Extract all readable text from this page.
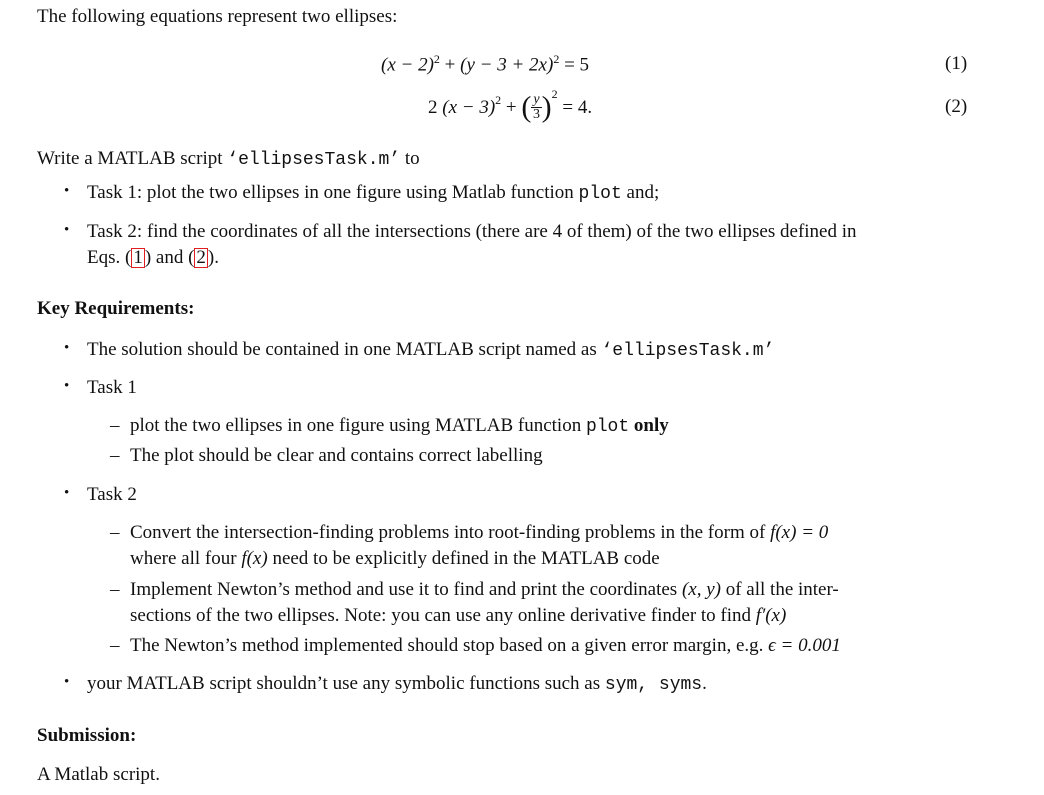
The following equations represent two ellipses:
$(x - 2)^2 + (y - 3 + 2x)^2 = 5$	(1)
2 $(x - 3)^2$ + ( $\frac{y}{3} )^2 = 4$.	(2)
Write a MATLAB script ‘ellipsesTask.m’ to
• Task 1: plot the two ellipses in one figure using Matlab function plot and;
• Task 2: find the coordinates of all the intersections (there are 4 of them) of the two ellipses defined in
Eqs. ( 1 ) and ( 2 ).
Key Requirements:
• The solution should be contained in one MATLAB script named as ‘ellipsesTask.m’
• Task 1
– plot the two ellipses in one figure using MATLAB function plot only
– The plot should be clear and contains correct labelling
• Task 2
– Convert the intersection-finding problems into root-finding problems in the form of f(x) = 0
where all four f(x) need to be explicitly defined in the MATLAB code
– Implement Newton’s method and use it to find and print the coordinates (x, y) of all the inter-
sections of the two ellipses. Note: you can use any online derivative finder to find f′(x)
– The Newton’s method implemented should stop based on a given error margin, e.g. ϵ = 0.001
• your MATLAB script shouldn’t use any symbolic functions such as sym, syms.
Submission:
A Matlab script.
